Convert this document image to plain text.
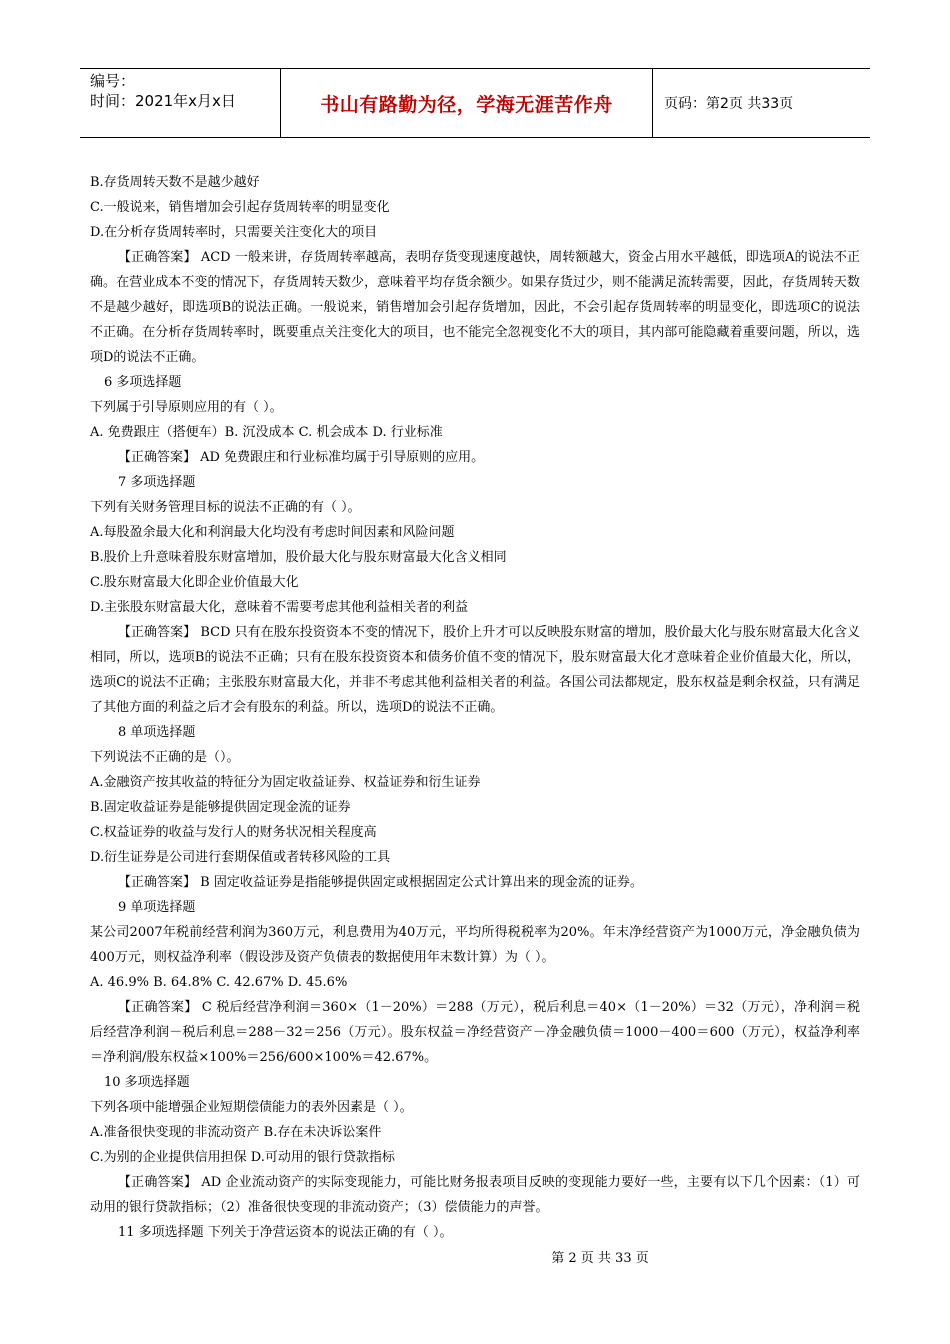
编号：
时间：2021年x月x日	书山有路勤为径，学海无涯苦作舟	页码：第2页 共33页

B.存货周转天数不是越少越好

C.一般说来，销售增加会引起存货周转率的明显变化

D.在分析存货周转率时，只需要关注变化大的项目

【正确答案】 ACD 一般来讲，存货周转率越高，表明存货变现速度越快，周转额越大，资金占用水平越低，即选项A的说法不正确。在营业成本不变的情况下，存货周转天数少，意味着平均存货余额少。如果存货过少，则不能满足流转需要，因此，存货周转天数不是越少越好，即选项B的说法正确。一般说来，销售增加会引起存货增加，因此，不会引起存货周转率的明显变化，即选项C的说法不正确。在分析存货周转率时，既要重点关注变化大的项目，也不能完全忽视变化不大的项目，其内部可能隐藏着重要问题，所以，选项D的说法不正确。

6 多项选择题

下列属于引导原则应用的有（ ）。

A. 免费跟庄（搭便车）B. 沉没成本 C. 机会成本 D. 行业标准

【正确答案】 AD 免费跟庄和行业标准均属于引导原则的应用。

7 多项选择题

下列有关财务管理目标的说法不正确的有（ ）。

A.每股盈余最大化和利润最大化均没有考虑时间因素和风险问题

B.股价上升意味着股东财富增加，股价最大化与股东财富最大化含义相同

C.股东财富最大化即企业价值最大化

D.主张股东财富最大化，意味着不需要考虑其他利益相关者的利益

【正确答案】 BCD 只有在股东投资资本不变的情况下，股价上升才可以反映股东财富的增加，股价最大化与股东财富最大化含义相同，所以，选项B的说法不正确；只有在股东投资资本和债务价值不变的情况下，股东财富最大化才意味着企业价值最大化，所以，选项C的说法不正确；主张股东财富最大化，并非不考虑其他利益相关者的利益。各国公司法都规定，股东权益是剩余权益，只有满足了其他方面的利益之后才会有股东的利益。所以，选项D的说法不正确。

8 单项选择题

下列说法不正确的是（）。

A.金融资产按其收益的特征分为固定收益证券、权益证券和衍生证券

B.固定收益证券是能够提供固定现金流的证券

C.权益证券的收益与发行人的财务状况相关程度高

D.衍生证券是公司进行套期保值或者转移风险的工具

【正确答案】 B 固定收益证券是指能够提供固定或根据固定公式计算出来的现金流的证券。

9 单项选择题

某公司2007年税前经营利润为360万元，利息费用为40万元，平均所得税税率为20%。年末净经营资产为1000万元，净金融负债为400万元，则权益净利率（假设涉及资产负债表的数据使用年末数计算）为（ ）。

A. 46.9% B. 64.8% C. 42.67% D. 45.6%

【正确答案】 C 税后经营净利润＝360×（1－20%）＝288（万元），税后利息＝40×（1－20%）＝32（万元），净利润＝税后经营净利润－税后利息＝288－32＝256（万元）。股东权益＝净经营资产－净金融负债＝1000－400＝600（万元），权益净利率＝净利润/股东权益×100%＝256/600×100%＝42.67%。

10 多项选择题

下列各项中能增强企业短期偿债能力的表外因素是（ ）。

A.准备很快变现的非流动资产 B.存在未决诉讼案件

C.为别的企业提供信用担保 D.可动用的银行贷款指标

【正确答案】 AD 企业流动资产的实际变现能力，可能比财务报表项目反映的变现能力要好一些，主要有以下几个因素：（1）可动用的银行贷款指标；（2）准备很快变现的非流动资产；（3）偿债能力的声誉。

11 多项选择题 下列关于净营运资本的说法正确的有（ ）。

第 2 页 共 33 页
